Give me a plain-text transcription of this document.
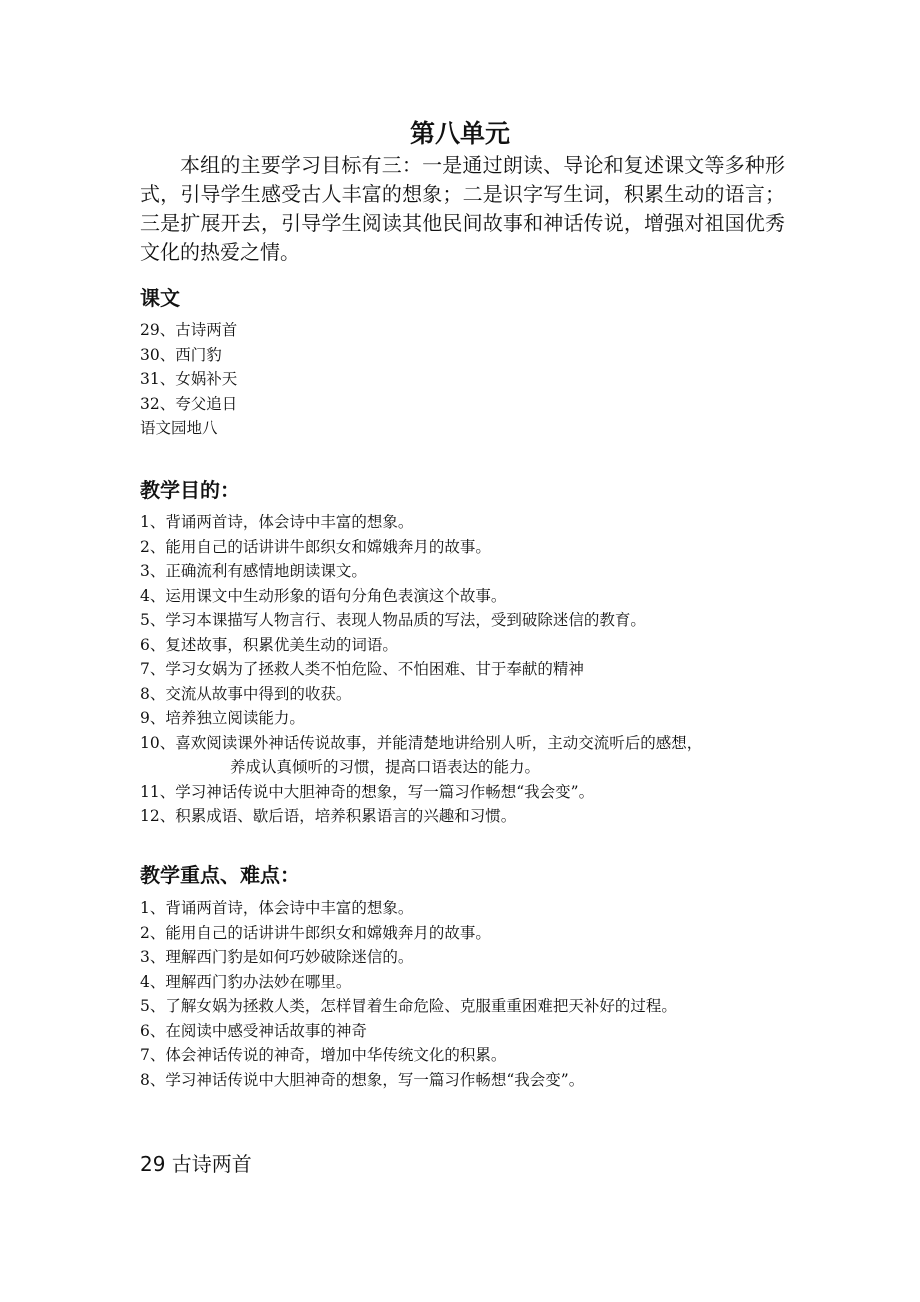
第八单元
本组的主要学习目标有三：一是通过朗读、导论和复述课文等多种形式，引导学生感受古人丰富的想象；二是识字写生词，积累生动的语言；三是扩展开去，引导学生阅读其他民间故事和神话传说，增强对祖国优秀文化的热爱之情。
课文
29、古诗两首
30、西门豹
31、女娲补天
32、夸父追日
语文园地八
教学目的：
1、背诵两首诗，体会诗中丰富的想象。
2、能用自己的话讲讲牛郎织女和嫦娥奔月的故事。
3、正确流利有感情地朗读课文。
4、运用课文中生动形象的语句分角色表演这个故事。
5、学习本课描写人物言行、表现人物品质的写法，受到破除迷信的教育。
6、复述故事，积累优美生动的词语。
7、学习女娲为了拯救人类不怕危险、不怕困难、甘于奉献的精神
8、交流从故事中得到的收获。
9、培养独立阅读能力。
10、喜欢阅读课外神话传说故事，并能清楚地讲给别人听，主动交流听后的感想，
养成认真倾听的习惯，提高口语表达的能力。
11、学习神话传说中大胆神奇的想象，写一篇习作畅想“我会变”。
12、积累成语、歇后语，培养积累语言的兴趣和习惯。
教学重点、难点：
1、背诵两首诗，体会诗中丰富的想象。
2、能用自己的话讲讲牛郎织女和嫦娥奔月的故事。
3、理解西门豹是如何巧妙破除迷信的。
4、理解西门豹办法妙在哪里。
5、了解女娲为拯救人类，怎样冒着生命危险、克服重重困难把天补好的过程。
6、在阅读中感受神话故事的神奇
7、体会神话传说的神奇，增加中华传统文化的积累。
8、学习神话传说中大胆神奇的想象，写一篇习作畅想“我会变”。
29 古诗两首
